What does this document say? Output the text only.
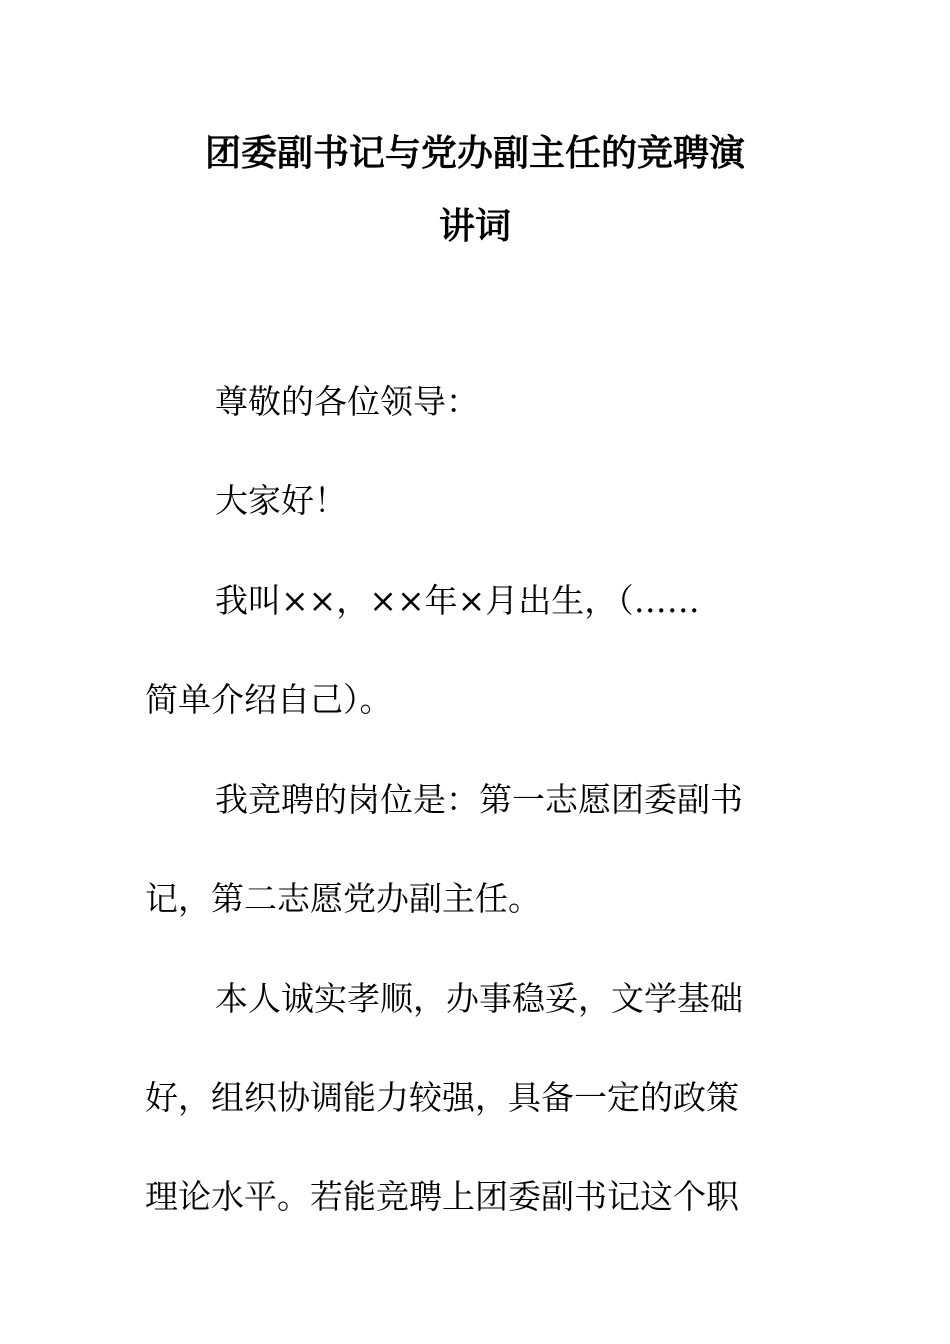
团委副书记与党办副主任的竞聘演
讲词
尊敬的各位领导：
大家好！
我叫××，××年×月出生，（……
简单介绍自己）。
我竞聘的岗位是：第一志愿团委副书
记，第二志愿党办副主任。
本人诚实孝顺，办事稳妥，文学基础
好，组织协调能力较强，具备一定的政策
理论水平。若能竞聘上团委副书记这个职
